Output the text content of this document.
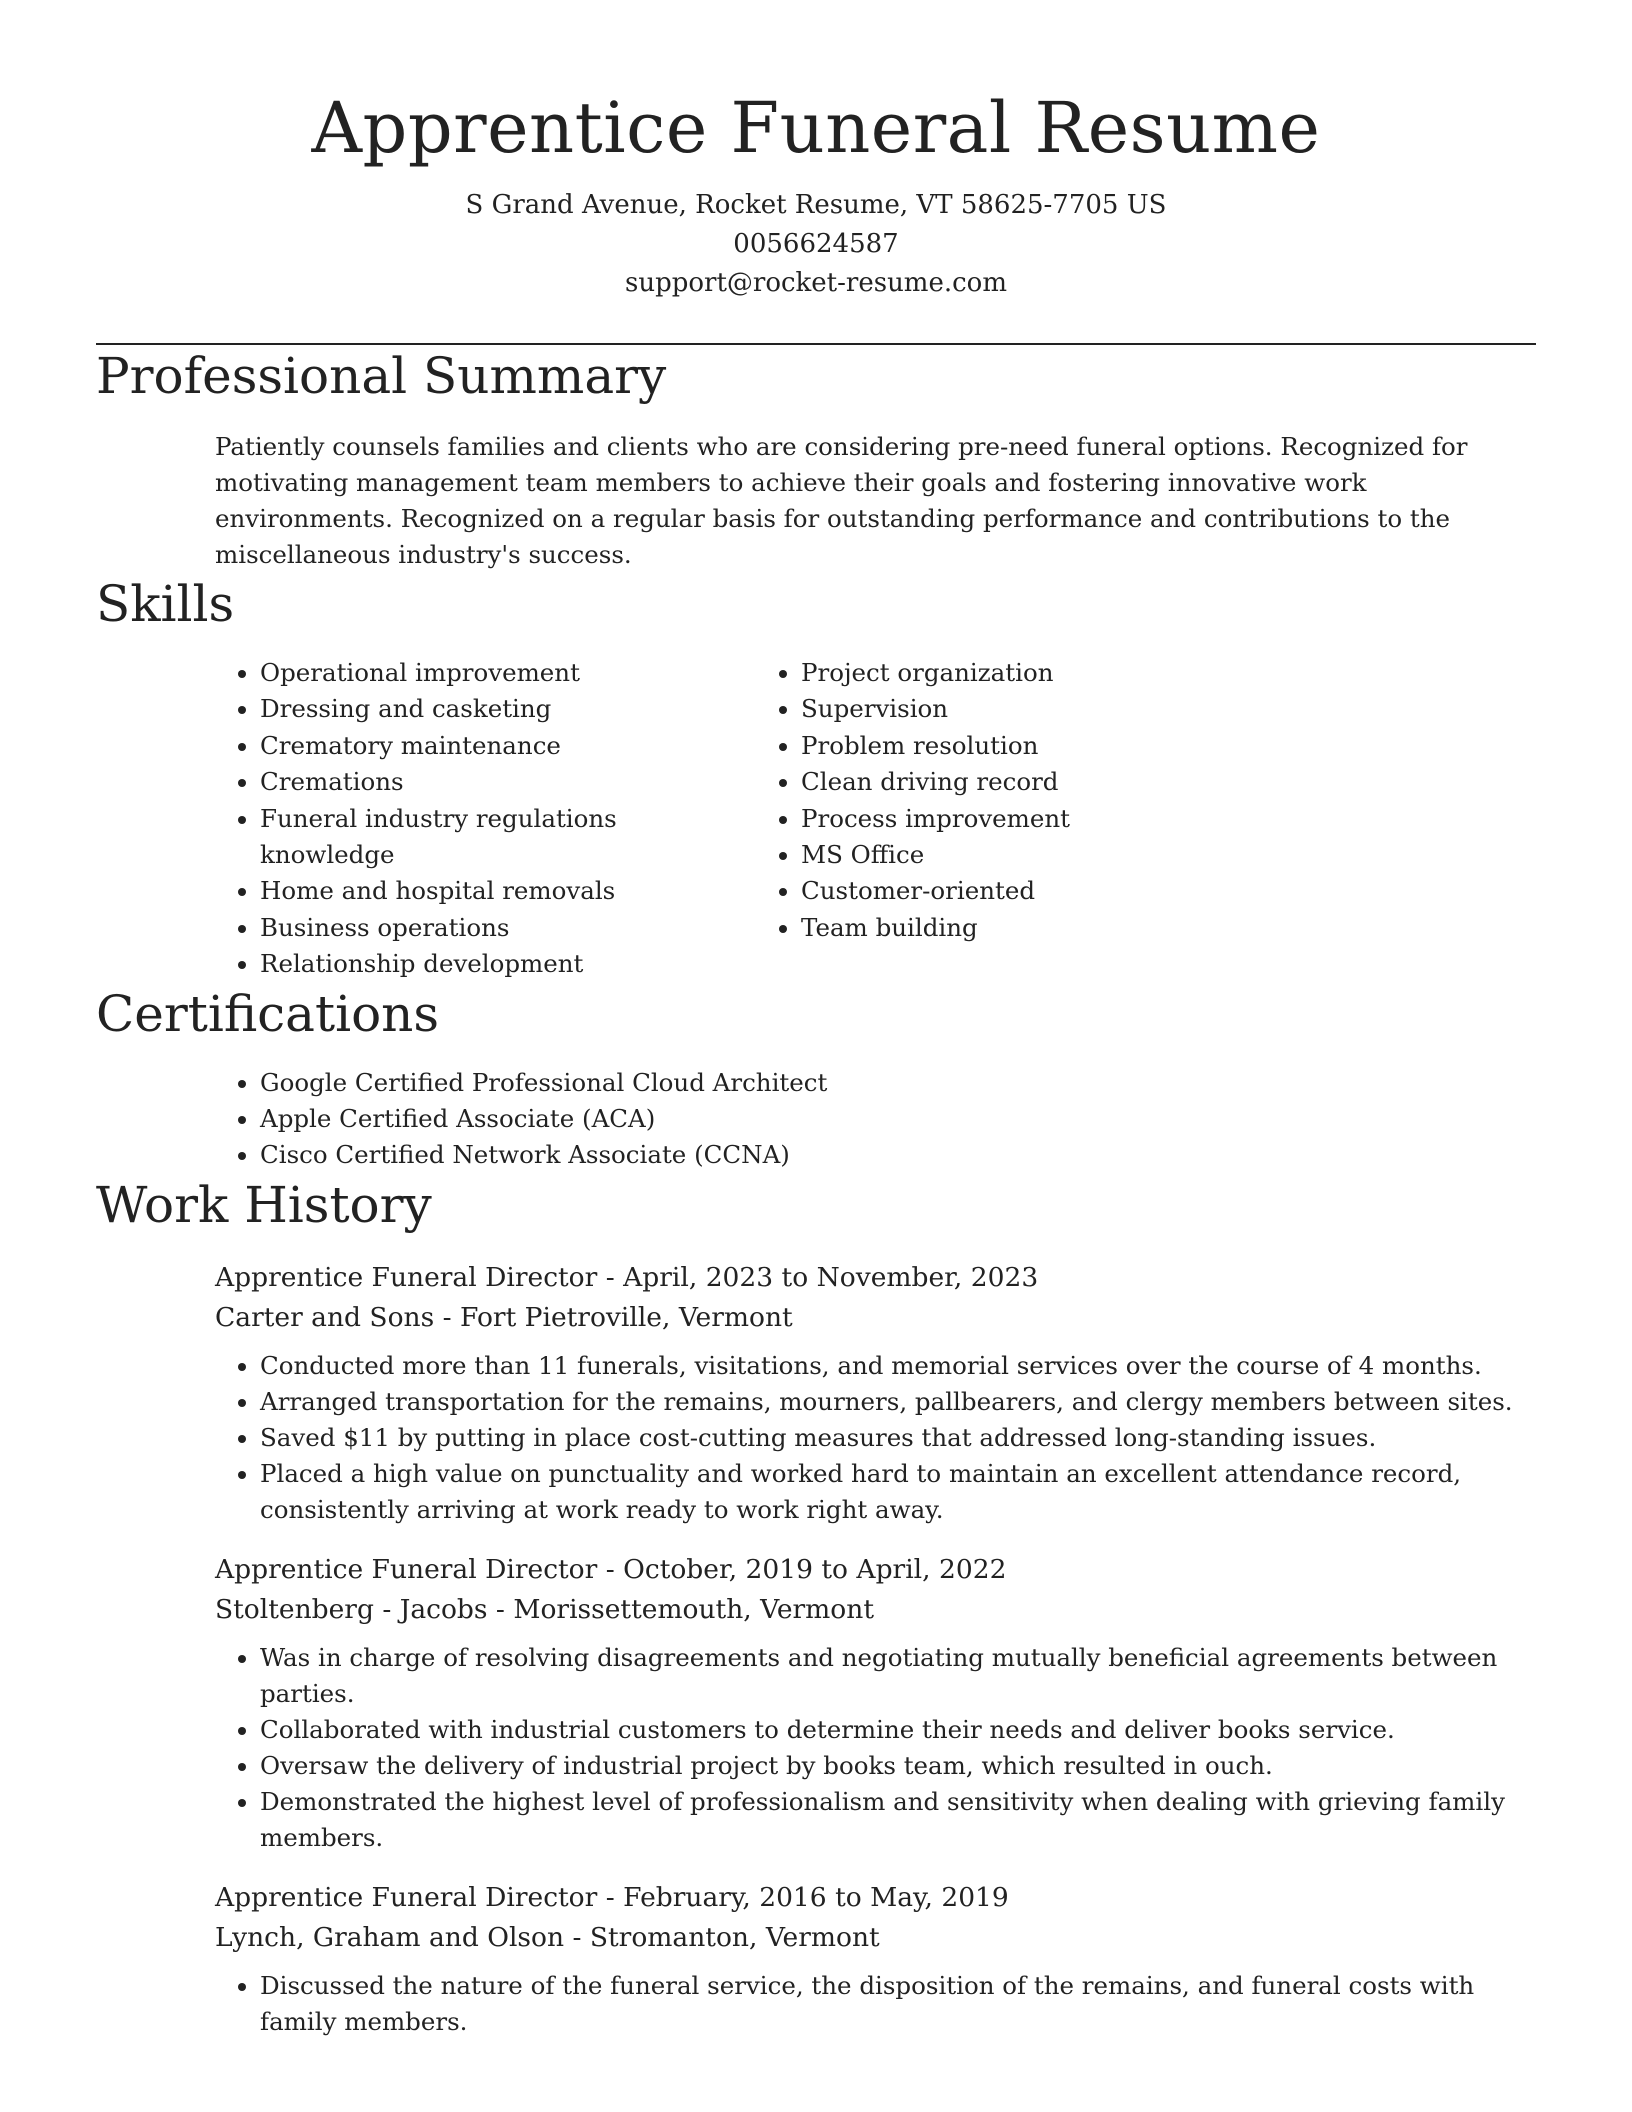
Apprentice Funeral Resume
S Grand Avenue, Rocket Resume, VT 58625-7705 US
0056624587
support@rocket-resume.com
Professional Summary
Patiently counsels families and clients who are considering pre-need funeral options. Recognized for motivating management team members to achieve their goals and fostering innovative work environments. Recognized on a regular basis for outstanding performance and contributions to the miscellaneous industry's success.
Skills
• Operational improvement
• Dressing and casketing
• Crematory maintenance
• Cremations
• Funeral industry regulations knowledge
• Home and hospital removals
• Business operations
• Relationship development
• Project organization
• Supervision
• Problem resolution
• Clean driving record
• Process improvement
• MS Office
• Customer-oriented
• Team building
Certifications
• Google Certified Professional Cloud Architect
• Apple Certified Associate (ACA)
• Cisco Certified Network Associate (CCNA)
Work History
Apprentice Funeral Director - April, 2023 to November, 2023
Carter and Sons - Fort Pietroville, Vermont
• Conducted more than 11 funerals, visitations, and memorial services over the course of 4 months.
• Arranged transportation for the remains, mourners, pallbearers, and clergy members between sites.
• Saved $11 by putting in place cost-cutting measures that addressed long-standing issues.
• Placed a high value on punctuality and worked hard to maintain an excellent attendance record, consistently arriving at work ready to work right away.
Apprentice Funeral Director - October, 2019 to April, 2022
Stoltenberg - Jacobs - Morissettemouth, Vermont
• Was in charge of resolving disagreements and negotiating mutually beneficial agreements between parties.
• Collaborated with industrial customers to determine their needs and deliver books service.
• Oversaw the delivery of industrial project by books team, which resulted in ouch.
• Demonstrated the highest level of professionalism and sensitivity when dealing with grieving family members.
Apprentice Funeral Director - February, 2016 to May, 2019
Lynch, Graham and Olson - Stromanton, Vermont
• Discussed the nature of the funeral service, the disposition of the remains, and funeral costs with family members.
